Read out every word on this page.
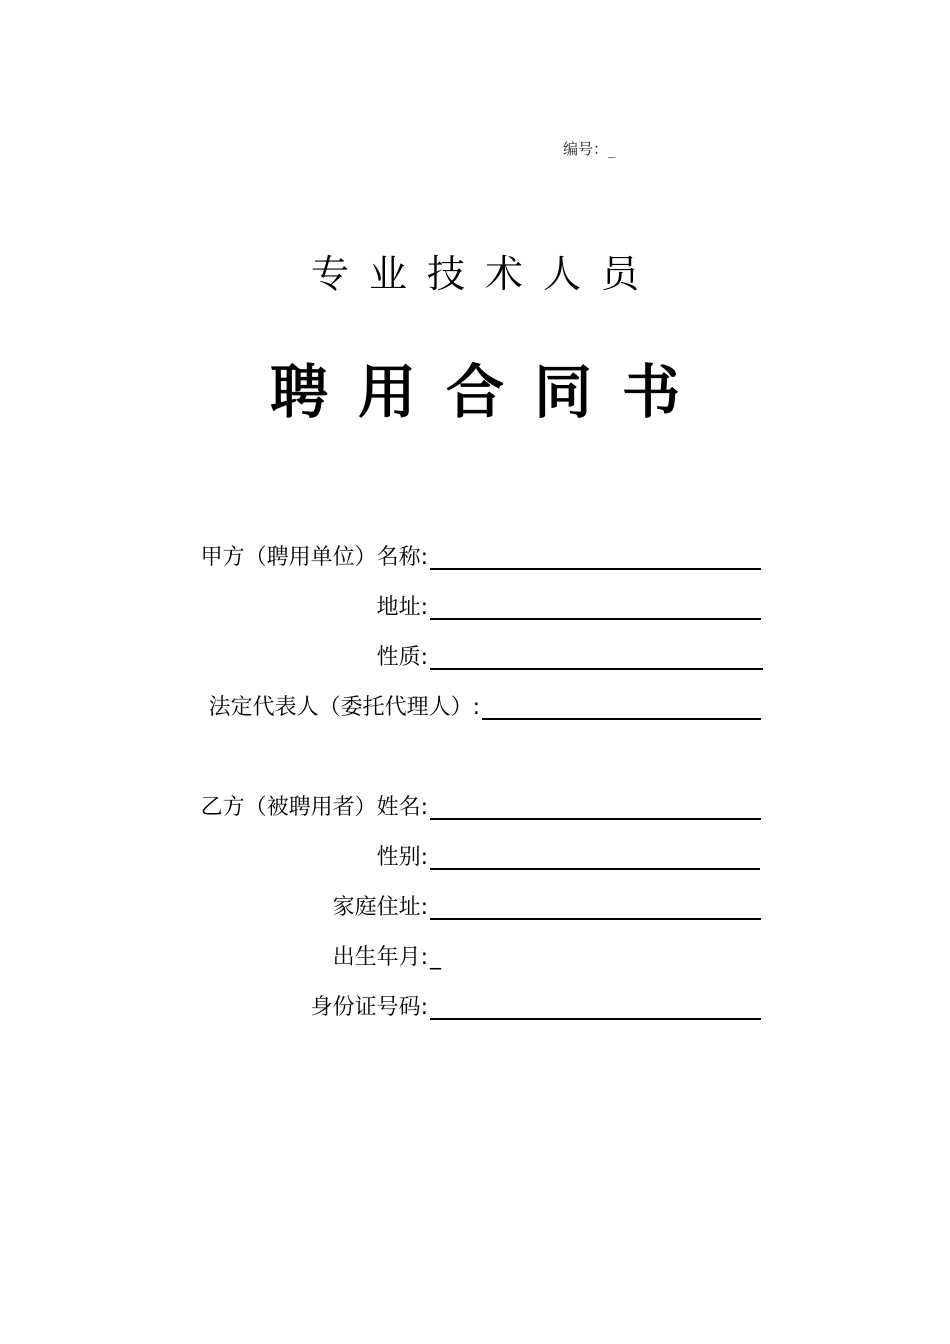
编号：_
专业技术人员
聘用合同书
甲方（聘用单位）名称:
地址:
性质:
法定代表人（委托代理人）:
乙方（被聘用者）姓名:
性别:
家庭住址:
出生年月: _
身份证号码:
